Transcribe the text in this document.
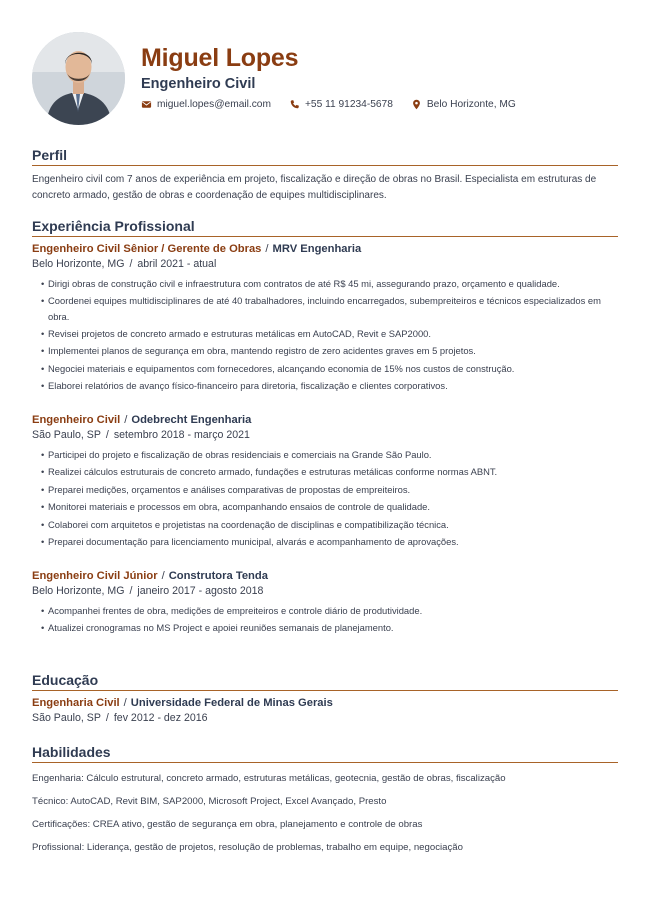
Miguel Lopes
Engenheiro Civil
miguel.lopes@email.com	+55 11 91234-5678	Belo Horizonte, MG
Perfil
Engenheiro civil com 7 anos de experiência em projeto, fiscalização e direção de obras no Brasil. Especialista em estruturas de concreto armado, gestão de obras e coordenação de equipes multidisciplinares.
Experiência Profissional
Engenheiro Civil Sênior / Gerente de Obras / MRV Engenharia
Belo Horizonte, MG / abril 2021 - atual
• Dirigi obras de construção civil e infraestrutura com contratos de até R$ 45 mi, assegurando prazo, orçamento e qualidade.
• Coordenei equipes multidisciplinares de até 40 trabalhadores, incluindo encarregados, subempreiteiros e técnicos especializados em obra.
• Revisei projetos de concreto armado e estruturas metálicas em AutoCAD, Revit e SAP2000.
• Implementei planos de segurança em obra, mantendo registro de zero acidentes graves em 5 projetos.
• Negociei materiais e equipamentos com fornecedores, alcançando economia de 15% nos custos de construção.
• Elaborei relatórios de avanço físico-financeiro para diretoria, fiscalização e clientes corporativos.
Engenheiro Civil / Odebrecht Engenharia
São Paulo, SP / setembro 2018 - março 2021
• Participei do projeto e fiscalização de obras residenciais e comerciais na Grande São Paulo.
• Realizei cálculos estruturais de concreto armado, fundações e estruturas metálicas conforme normas ABNT.
• Preparei medições, orçamentos e análises comparativas de propostas de empreiteiros.
• Monitorei materiais e processos em obra, acompanhando ensaios de controle de qualidade.
• Colaborei com arquitetos e projetistas na coordenação de disciplinas e compatibilização técnica.
• Preparei documentação para licenciamento municipal, alvarás e acompanhamento de aprovações.
Engenheiro Civil Júnior / Construtora Tenda
Belo Horizonte, MG / janeiro 2017 - agosto 2018
• Acompanhei frentes de obra, medições de empreiteiros e controle diário de produtividade.
• Atualizei cronogramas no MS Project e apoiei reuniões semanais de planejamento.
Educação
Engenharia Civil / Universidade Federal de Minas Gerais
São Paulo, SP / fev 2012 - dez 2016
Habilidades
Engenharia: Cálculo estrutural, concreto armado, estruturas metálicas, geotecnia, gestão de obras, fiscalização
Técnico: AutoCAD, Revit BIM, SAP2000, Microsoft Project, Excel Avançado, Presto
Certificações: CREA ativo, gestão de segurança em obra, planejamento e controle de obras
Profissional: Liderança, gestão de projetos, resolução de problemas, trabalho em equipe, negociação
